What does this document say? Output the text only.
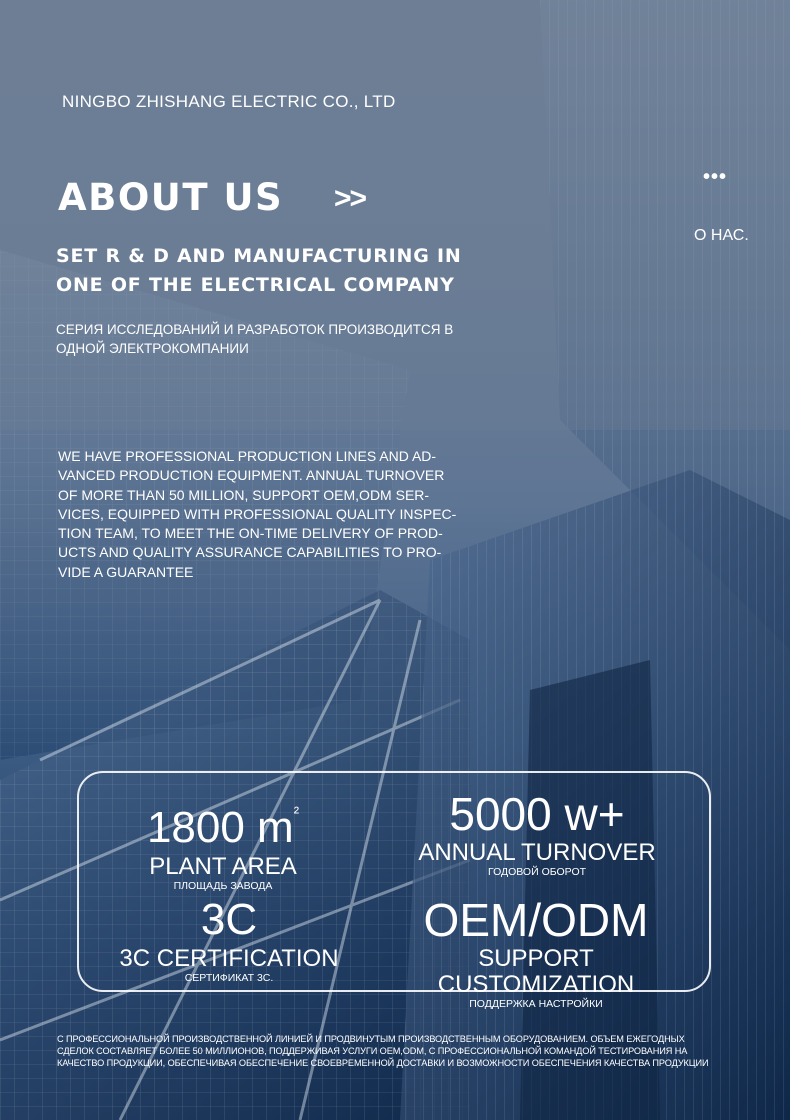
NINGBO ZHISHANG ELECTRIC CO., LTD
ABOUT US >>
•••
О НАС.
SET R & D AND MANUFACTURING IN
ONE OF THE ELECTRICAL COMPANY
СЕРИЯ ИССЛЕДОВАНИЙ И РАЗРАБОТОК ПРОИЗВОДИТСЯ В
ОДНОЙ ЭЛЕКТРОКОМПАНИИ
WE HAVE PROFESSIONAL PRODUCTION LINES AND AD-
VANCED PRODUCTION EQUIPMENT. ANNUAL TURNOVER
OF MORE THAN 50 MILLION, SUPPORT OEM,ODM SER-
VICES, EQUIPPED WITH PROFESSIONAL QUALITY INSPEC-
TION TEAM, TO MEET THE ON-TIME DELIVERY OF PROD-
UCTS AND QUALITY ASSURANCE CAPABILITIES TO PRO-
VIDE A GUARANTEE
1800 $m^{^2}$
PLANT AREA
ПЛОЩАДЬ ЗАВОДА
5000 w+
ANNUAL TURNOVER
ГОДОВОЙ ОБОРОТ
3C
3C CERTIFICATION
СЕРТИФИКАТ 3С.
OEM/ODM
SUPPORT CUSTOMIZATION
ПОДДЕРЖКА НАСТРОЙКИ
С ПРОФЕССИОНАЛЬНОЙ ПРОИЗВОДСТВЕННОЙ ЛИНИЕЙ И ПРОДВИНУТЫМ ПРОИЗВОДСТВЕННЫМ ОБОРУДОВАНИЕМ. ОБЪЕМ ЕЖЕГОДНЫХ
СДЕЛОК СОСТАВЛЯЕТ БОЛЕЕ 50 МИЛЛИОНОВ, ПОДДЕРЖИВАЯ УСЛУГИ OEM,ODM, С ПРОФЕССИОНАЛЬНОЙ КОМАНДОЙ ТЕСТИРОВАНИЯ НА
КАЧЕСТВО ПРОДУКЦИИ, ОБЕСПЕЧИВАЯ ОБЕСПЕЧЕНИЕ СВОЕВРЕМЕННОЙ ДОСТАВКИ И ВОЗМОЖНОСТИ ОБЕСПЕЧЕНИЯ КАЧЕСТВА ПРОДУКЦИИ
